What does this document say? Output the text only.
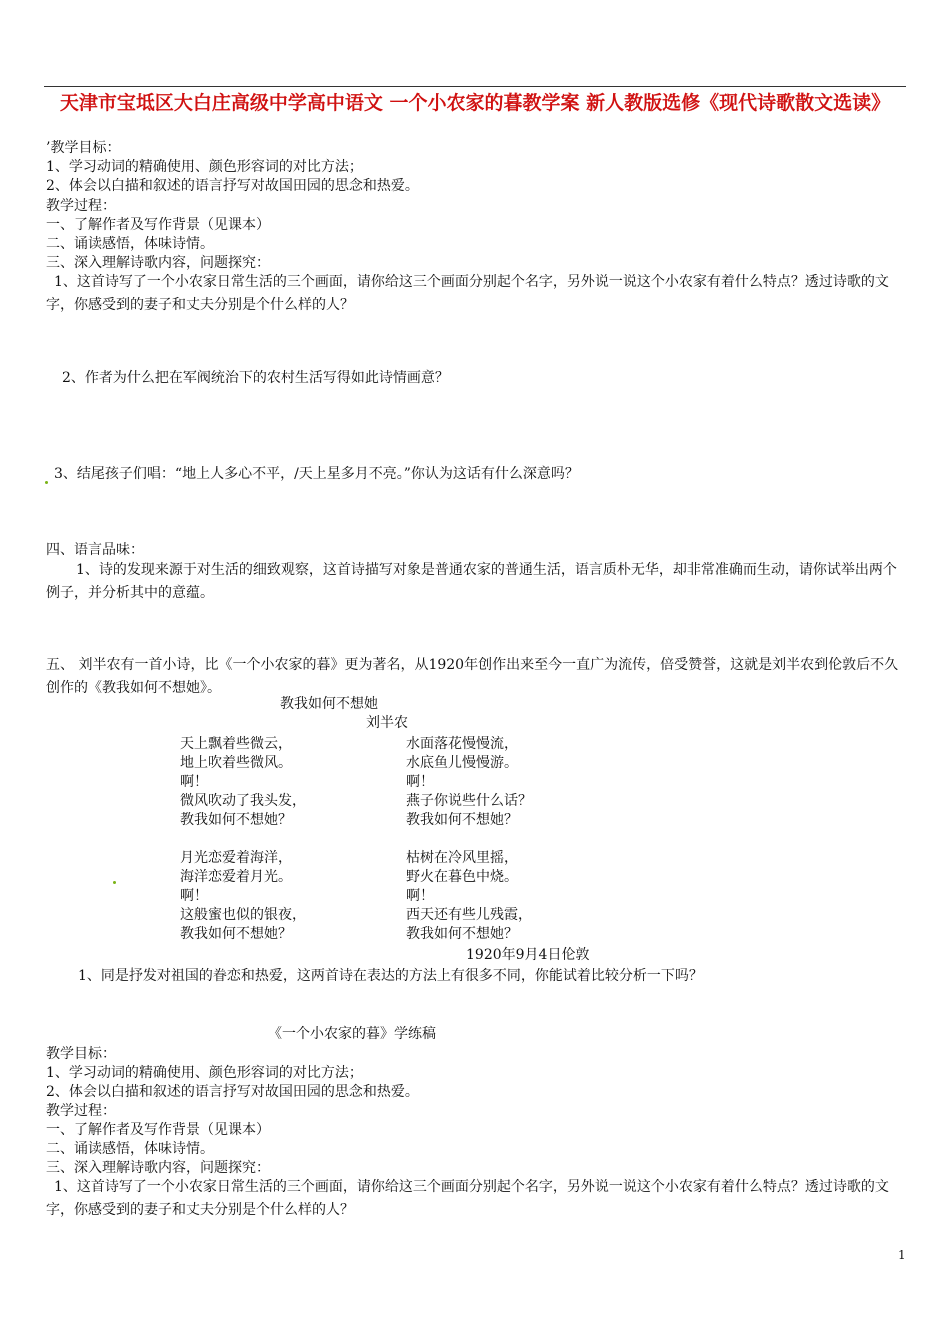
天津市宝坻区大白庄高级中学高中语文 一个小农家的暮教学案 新人教版选修《现代诗歌散文选读》
’教学目标：
1、学习动词的精确使用、颜色形容词的对比方法；
2、体会以白描和叙述的语言抒写对故国田园的思念和热爱。
教学过程：
一、了解作者及写作背景（见课本）
二、诵读感悟，体味诗情。
三、深入理解诗歌内容，问题探究：
1、这首诗写了一个小农家日常生活的三个画面，请你给这三个画面分别起个名字，另外说一说这个小农家有着什么特点？透过诗歌的文字，你感受到的妻子和丈夫分别是个什么样的人？
2、作者为什么把在军阀统治下的农村生活写得如此诗情画意？
3、结尾孩子们唱：“地上人多心不平，/天上星多月不亮。”你认为这话有什么深意吗？
四、语言品味：
1、诗的发现来源于对生活的细致观察，这首诗描写对象是普通农家的普通生活，语言质朴无华，却非常准确而生动，请你试举出两个例子，并分析其中的意蕴。
五、 刘半农有一首小诗，比《一个小农家的暮》更为著名，从1920年创作出来至今一直广为流传，倍受赞誉，这就是刘半农到伦敦后不久创作的《教我如何不想她》。
教我如何不想她
刘半农
天上飘着些微云，
地上吹着些微风。
啊！
微风吹动了我头发，
教我如何不想她？
月光恋爱着海洋，
海洋恋爱着月光。
啊！
这般蜜也似的银夜，
教我如何不想她？
水面落花慢慢流，
水底鱼儿慢慢游。
啊！
燕子你说些什么话？
教我如何不想她？
枯树在冷风里摇，
野火在暮色中烧。
啊！
西天还有些儿残霞，
教我如何不想她？
1920年9月4日伦敦
1、同是抒发对祖国的眷恋和热爱，这两首诗在表达的方法上有很多不同，你能试着比较分析一下吗？
《一个小农家的暮》学练稿
教学目标：
1、学习动词的精确使用、颜色形容词的对比方法；
2、体会以白描和叙述的语言抒写对故国田园的思念和热爱。
教学过程：
一、了解作者及写作背景（见课本）
二、诵读感悟，体味诗情。
三、深入理解诗歌内容，问题探究：
1、这首诗写了一个小农家日常生活的三个画面，请你给这三个画面分别起个名字，另外说一说这个小农家有着什么特点？透过诗歌的文字，你感受到的妻子和丈夫分别是个什么样的人？
1
